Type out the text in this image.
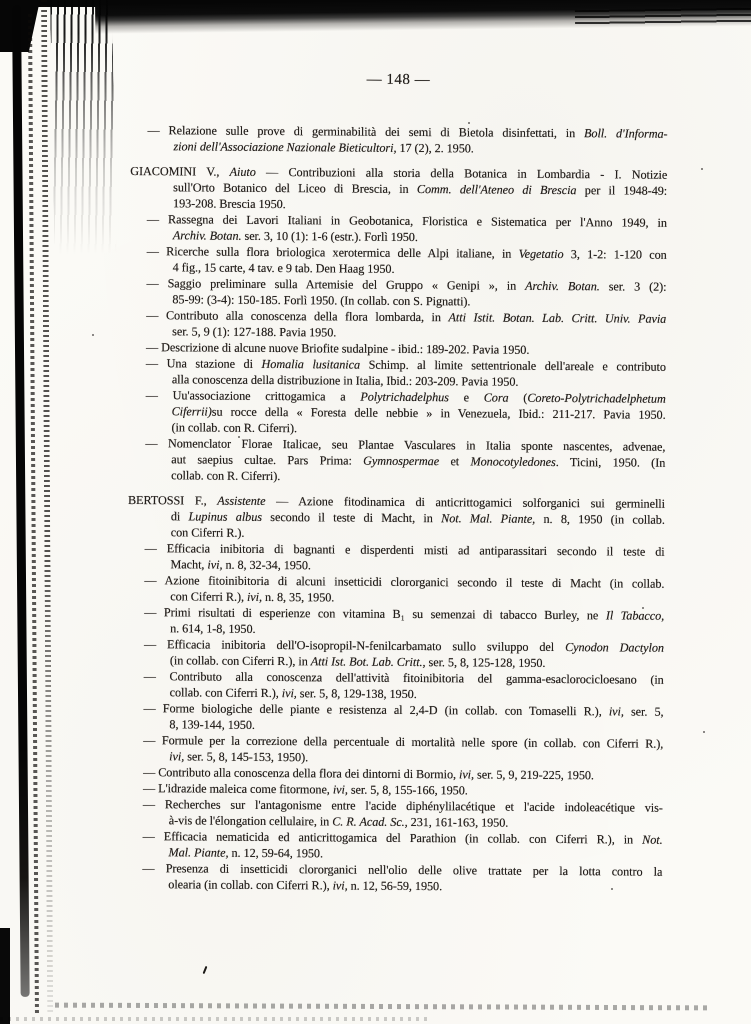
— 148 —
— Relazione sulle prove di germinabilità dei semi di Bietola disinfettati, in Boll. d'Informa-
zioni dell'Associazione Nazionale Bieticultori, 17 (2), 2. 1950.
GIACOMINI V., Aiuto — Contribuzioni alla storia della Botanica in Lombardia - I. Notizie
sull'Orto Botanico del Liceo di Brescia, in Comm. dell'Ateneo di Brescia per il 1948-49:
193-208. Brescia 1950.
— Rassegna dei Lavori Italiani in Geobotanica, Floristica e Sistematica per l'Anno 1949, in
Archiv. Botan. ser. 3, 10 (1): 1-6 (estr.). Forlì 1950.
— Ricerche sulla flora briologica xerotermica delle Alpi italiane, in Vegetatio 3, 1-2: 1-120 con
4 fig., 15 carte, 4 tav. e 9 tab. Den Haag 1950.
— Saggio preliminare sulla Artemisie del Gruppo « Genipi », in Archiv. Botan. ser. 3 (2):
85-99: (3-4): 150-185. Forlì 1950. (In collab. con S. Pignatti).
— Contributo alla conoscenza della flora lombarda, in Atti Istit. Botan. Lab. Critt. Univ. Pavia
ser. 5, 9 (1): 127-188. Pavia 1950.
— Descrizione di alcune nuove Briofite sudalpine - ibid.: 189-202. Pavia 1950.
— Una stazione di Homalia lusitanica Schimp. al limite settentrionale dell'areale e contributo
alla conoscenza della distribuzione in Italia, Ibid.: 203-209. Pavia 1950.
— Uu'associazione crittogamica a Polytrichadelphus e Cora (Coreto-Polytrichadelphetum
Ciferrii)su rocce della « Foresta delle nebbie » in Venezuela, Ibid.: 211-217. Pavia 1950.
(in collab. con R. Ciferri).
— Nomenclator Florae Italicae, seu Plantae Vasculares in Italia sponte nascentes, advenae,
aut saepius cultae. Pars Prima: Gymnospermae et Monocotyledones. Ticini, 1950. (In
collab. con R. Ciferri).
BERTOSSI F., Assistente — Azione fitodinamica di anticrittogamici solforganici sui germinelli
di Lupinus albus secondo il teste di Macht, in Not. Mal. Piante, n. 8, 1950 (in collab.
con Ciferri R.).
— Efficacia inibitoria di bagnanti e disperdenti misti ad antiparassitari secondo il teste di
Macht, ivi, n. 8, 32-34, 1950.
— Azione fitoinibitoria di alcuni insetticidi clororganici secondo il teste di Macht (in collab.
con Ciferri R.), ivi, n. 8, 35, 1950.
— Primi risultati di esperienze con vitamina B₁ su semenzai di tabacco Burley, ne Il Tabacco,
n. 614, 1-8, 1950.
— Efficacia inibitoria dell'O-isopropil-N-fenilcarbamato sullo sviluppo del Cynodon Dactylon
(in collab. con Ciferri R.), in Atti Ist. Bot. Lab. Critt., ser. 5, 8, 125-128, 1950.
— Contributo alla conoscenza dell'attività fitoinibitoria del gamma-esaclorocicloesano (in
collab. con Ciferri R.), ivi, ser. 5, 8, 129-138, 1950.
— Forme biologiche delle piante e resistenza al 2,4-D (in collab. con Tomaselli R.), ivi, ser. 5,
8, 139-144, 1950.
— Formule per la correzione della percentuale di mortalità nelle spore (in collab. con Ciferri R.),
ivi, ser. 5, 8, 145-153, 1950).
— Contributo alla conoscenza della flora dei dintorni di Bormio, ivi, ser. 5, 9, 219-225, 1950.
— L'idrazide maleica come fitormone, ivi, ser. 5, 8, 155-166, 1950.
— Recherches sur l'antagonisme entre l'acide diphénylilacétique et l'acide indoleacétique vis-
à-vis de l'élongation cellulaire, in C. R. Acad. Sc., 231, 161-163, 1950.
— Efficacia nematicida ed anticrittogamica del Parathion (in collab. con Ciferri R.), in Not.
Mal. Piante, n. 12, 59-64, 1950.
— Presenza di insetticidi clororganici nell'olio delle olive trattate per la lotta contro la
olearia (in collab. con Ciferri R.), ivi, n. 12, 56-59, 1950.
